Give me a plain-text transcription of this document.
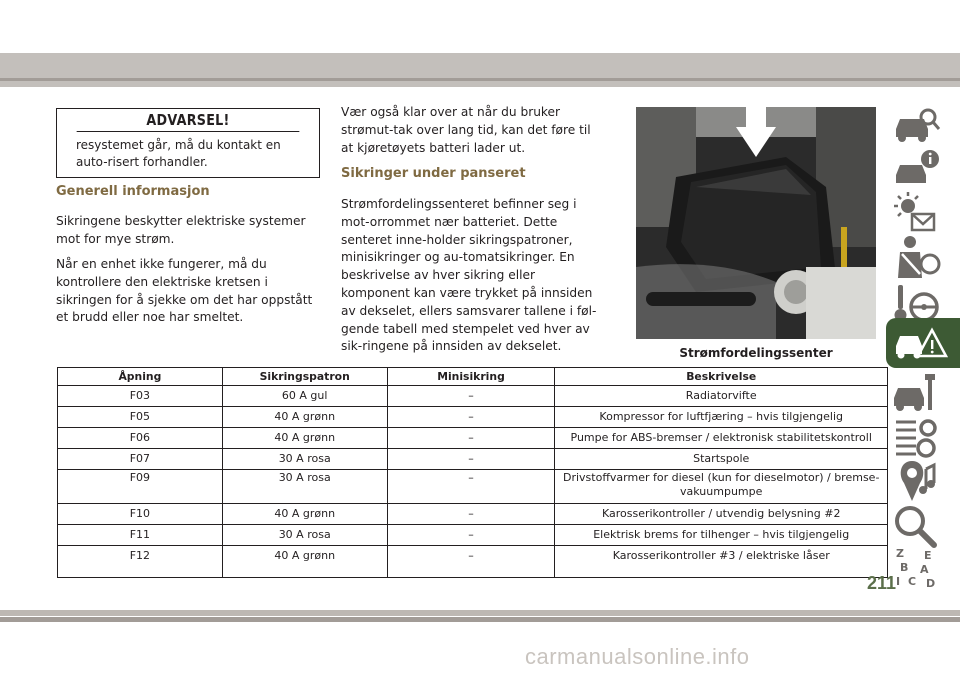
ADVARSEL!
resystemet går, må du kontakt en auto-risert forhandler.
Generell informasjon
Sikringene beskytter elektriske systemer mot for mye strøm.
Når en enhet ikke fungerer, må du kontrollere den elektriske kretsen i sikringen for å sjekke om det har oppstått et brudd eller noe har smeltet.
Vær også klar over at når du bruker strømut-tak over lang tid, kan det føre til at kjøretøyets batteri lader ut.
Sikringer under panseret
Strømfordelingssenteret befinner seg i mot-orrommet nær batteriet. Dette senteret inne-holder sikringspatroner, minisikringer og au-tomatsikringer. En beskrivelse av hver sikring eller komponent kan være trykket på innsiden av dekselet, ellers samsvarer tallene i føl-gende tabell med stempelet ved hver av sik-ringene på innsiden av dekselet.	Strømfordelingssenter
Åpning	Sikringspatron	Minisikring	Beskrivelse
F03	60 A gul	–	Radiatorvifte
F05	40 A grønn	–	Kompressor for luftfjæring – hvis tilgjengelig
F06	40 A grønn	–	Pumpe for ABS-bremser / elektronisk stabilitetskontroll
F07	30 A rosa	–	Startspole
F09	30 A rosa	–	Drivstoffvarmer for diesel (kun for dieselmotor) / bremse-vakuumpumpe
F10	40 A grønn	–	Karosserikontroller / utvendig belysning #2
F11	30 A rosa	–	Elektrisk brems for tilhenger – hvis tilgjengelig
F12	40 A grønn	–	Karosserikontroller #3 / elektriske låser	Z E
B A
C D
I
211
carmanualsonline.info
